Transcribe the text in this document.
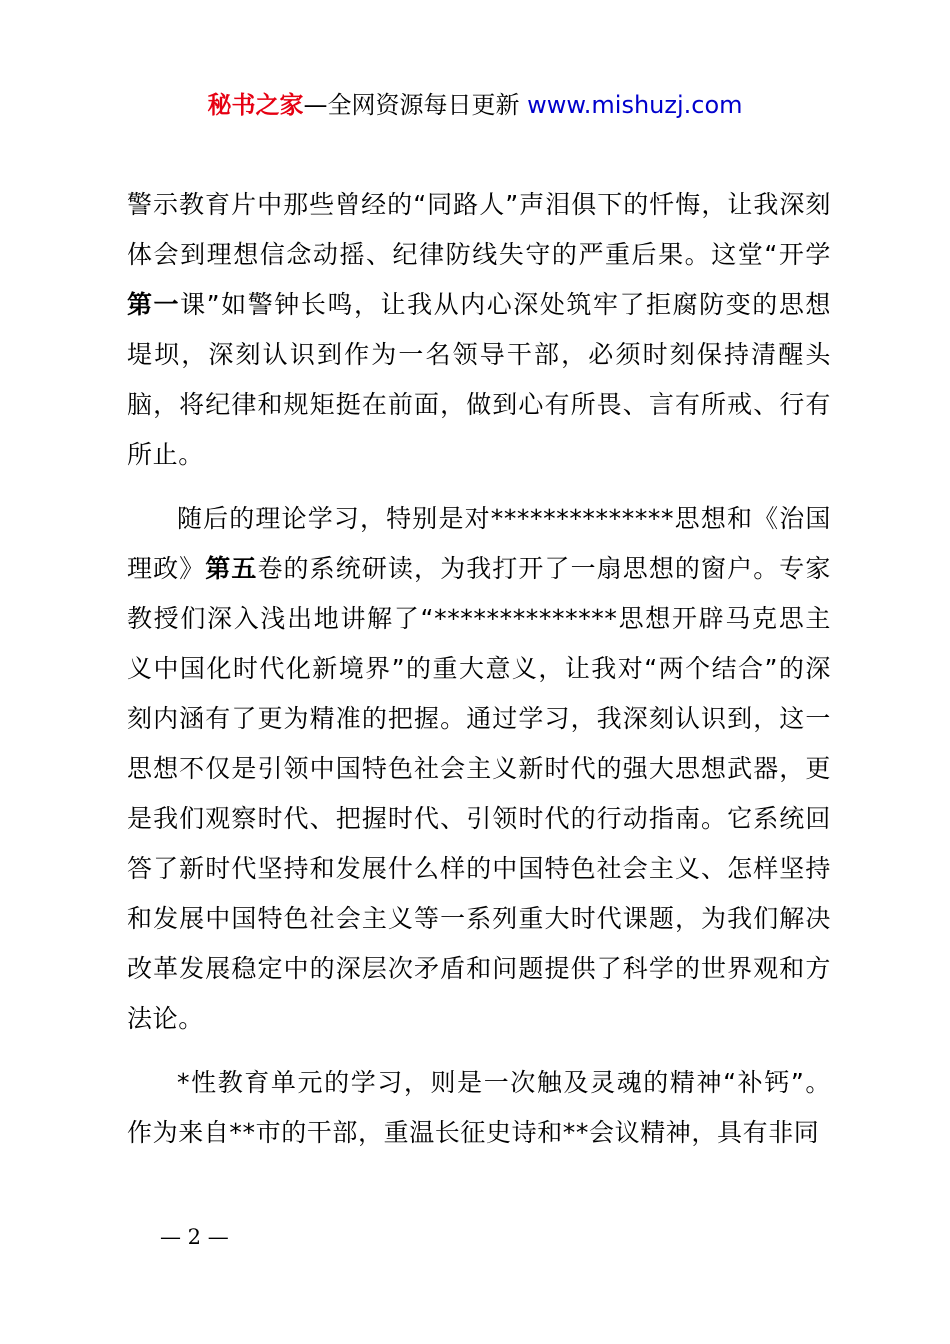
秘书之家—全网资源每日更新 www.mishuzj.com

警示教育片中那些曾经的“同路人”声泪俱下的忏悔，让我深刻体会到理想信念动摇、纪律防线失守的严重后果。这堂“开学第一课”如警钟长鸣，让我从内心深处筑牢了拒腐防变的思想堤坝，深刻认识到作为一名领导干部，必须时刻保持清醒头脑，将纪律和规矩挺在前面，做到心有所畏、言有所戒、行有所止。

随后的理论学习，特别是对**************思想和《治国理政》第五卷的系统研读，为我打开了一扇思想的窗户。专家教授们深入浅出地讲解了“**************思想开辟马克思主义中国化时代化新境界”的重大意义，让我对“两个结合”的深刻内涵有了更为精准的把握。通过学习，我深刻认识到，这一思想不仅是引领中国特色社会主义新时代的强大思想武器，更是我们观察时代、把握时代、引领时代的行动指南。它系统回答了新时代坚持和发展什么样的中国特色社会主义、怎样坚持和发展中国特色社会主义等一系列重大时代课题，为我们解决改革发展稳定中的深层次矛盾和问题提供了科学的世界观和方法论。

*性教育单元的学习，则是一次触及灵魂的精神“补钙”。作为来自**市的干部，重温长征史诗和**会议精神，具有非同

— 2 —
